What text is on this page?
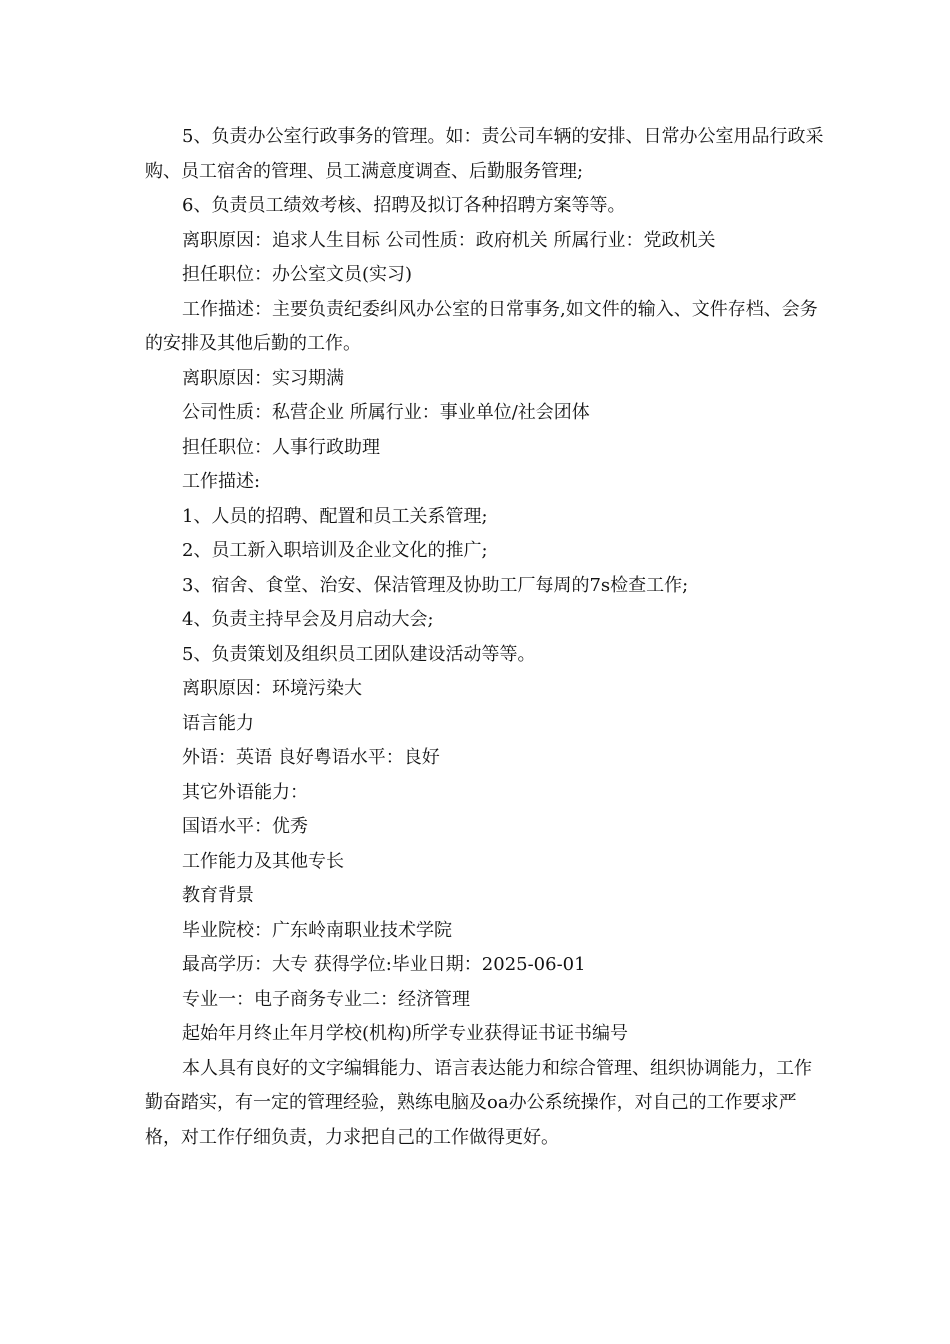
5、负责办公室行政事务的管理。如：责公司车辆的安排、日常办公室用品行政采购、员工宿舍的管理、员工满意度调查、后勤服务管理;

6、负责员工绩效考核、招聘及拟订各种招聘方案等等。

离职原因：追求人生目标 公司性质：政府机关 所属行业：党政机关

担任职位：办公室文员(实习)

工作描述：主要负责纪委纠风办公室的日常事务,如文件的输入、文件存档、会务的安排及其他后勤的工作。

离职原因：实习期满

公司性质：私营企业 所属行业：事业单位/社会团体

担任职位：人事行政助理

工作描述:

1、人员的招聘、配置和员工关系管理;

2、员工新入职培训及企业文化的推广;

3、宿舍、食堂、治安、保洁管理及协助工厂每周的7s检查工作;

4、负责主持早会及月启动大会;

5、负责策划及组织员工团队建设活动等等。

离职原因：环境污染大

语言能力

外语：英语 良好粤语水平：良好

其它外语能力：

国语水平：优秀

工作能力及其他专长

教育背景

毕业院校：广东岭南职业技术学院

最高学历：大专 获得学位:毕业日期：2025-06-01

专业一：电子商务专业二：经济管理

起始年月终止年月学校(机构)所学专业获得证书证书编号

本人具有良好的文字编辑能力、语言表达能力和综合管理、组织协调能力，工作勤奋踏实，有一定的管理经验，熟练电脑及oa办公系统操作，对自己的工作要求严格，对工作仔细负责，力求把自己的工作做得更好。
